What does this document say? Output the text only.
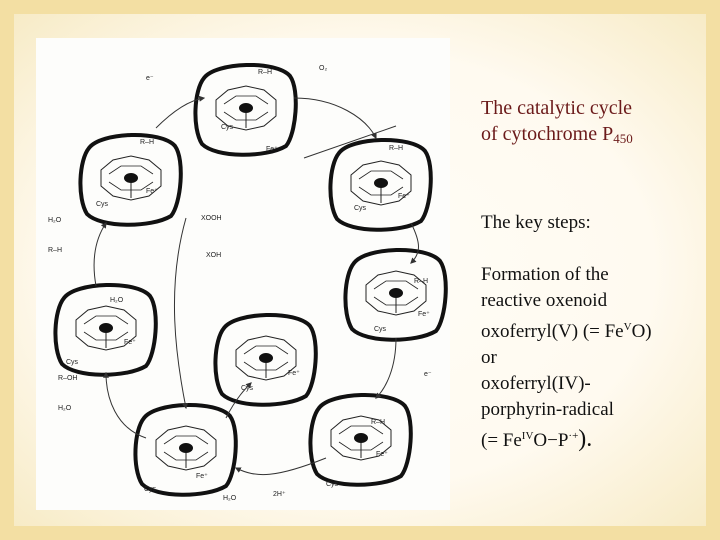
R–H
Fe⁺
Cys
R–H
Fe⁺
Cys
R–H
Fe⁺
Cys
R–H
Fe⁺
Cys
Fe⁺
Cys
Fe⁺
Cys
H₂O
Fe⁺
Cys
R–H
Fe⁺
Cys
e⁻
O₂
H₂O
R–H
XOOH
XOH
R–OH
H₂O
e⁻
H₂O
2H⁺
The catalytic cycle
of cytochrome $P_{450}$

The key steps:

Formation of the

reactive oxenoid

oxoferryl(V) (= $Fe^VO$)

or

oxoferryl(IV)-

porphyrin-radical

(= $Fe^{IV}O-P^{\cdot+}$).
